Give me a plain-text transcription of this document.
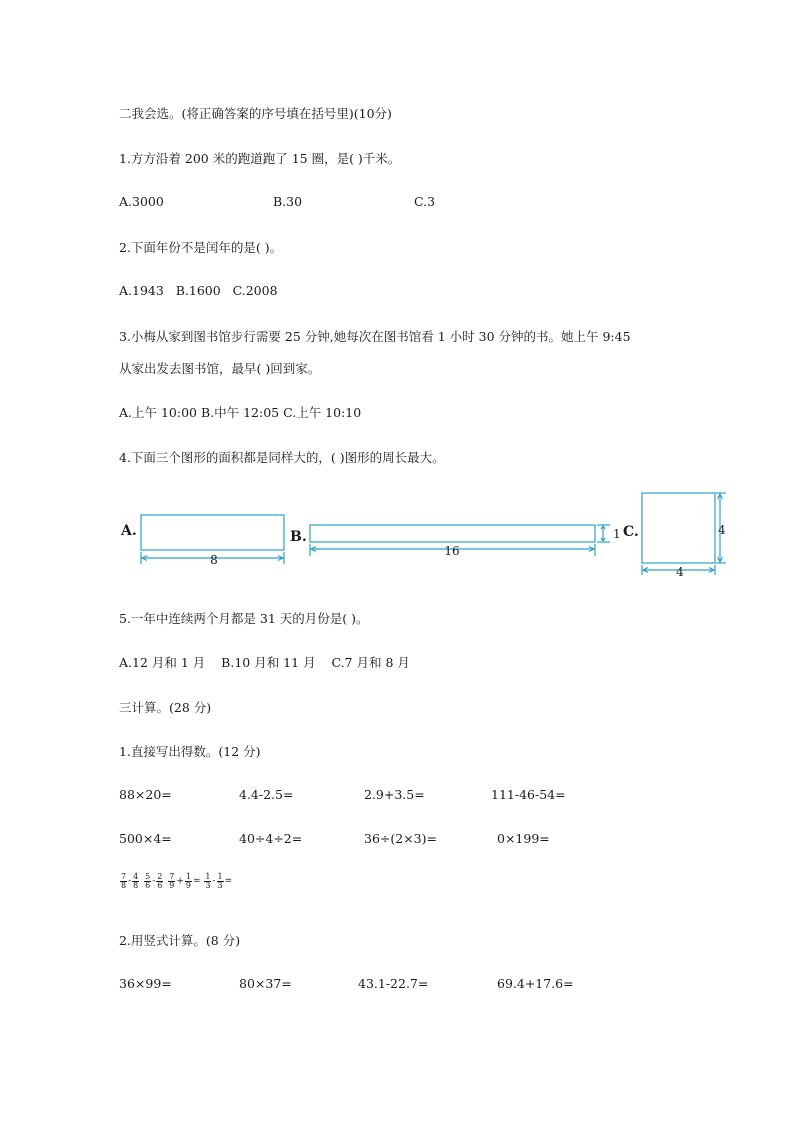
二我会选。(将正确答案的序号填在括号里)(10分)
1.方方沿着 200 米的跑道跑了 15 圈，是( )千米。
A.3000	B.30	C.3
2.下面年份不是闰年的是( )。
A.1943   B.1600   C.2008
3.小梅从家到图书馆步行需要 25 分钟,她每次在图书馆看 1 小时 30 分钟的书。她上午 9:45
从家出发去图书馆，最早( )回到家。
A.上午 10:00 B.中午 12:05 C.上午 10:10
4.下面三个图形的面积都是同样大的，( )图形的周长最大。
A.
8
B.
16
1 C.	4
4
5.一年中连续两个月都是 31 天的月份是( )。
A.12 月和 1 月    B.10 月和 11 月    C.7 月和 8 月
三计算。(28 分)
1.直接写出得数。(12 分)
88×20=	4.4-2.5=	2.9+3.5=	111-46-54=
500×4=	40÷4÷2=	36÷(2×3)=	0×199=
$\frac{7}{8} - \frac{4}{8}$
$\frac{5}{6} - \frac{2}{6}$
$\frac{7}{9} + \frac{1}{9} = \frac{1}{3} - \frac{1}{3}$ =
2.用竖式计算。(8 分)
36×99=	80×37=	43.1-22.7=	69.4+17.6=
